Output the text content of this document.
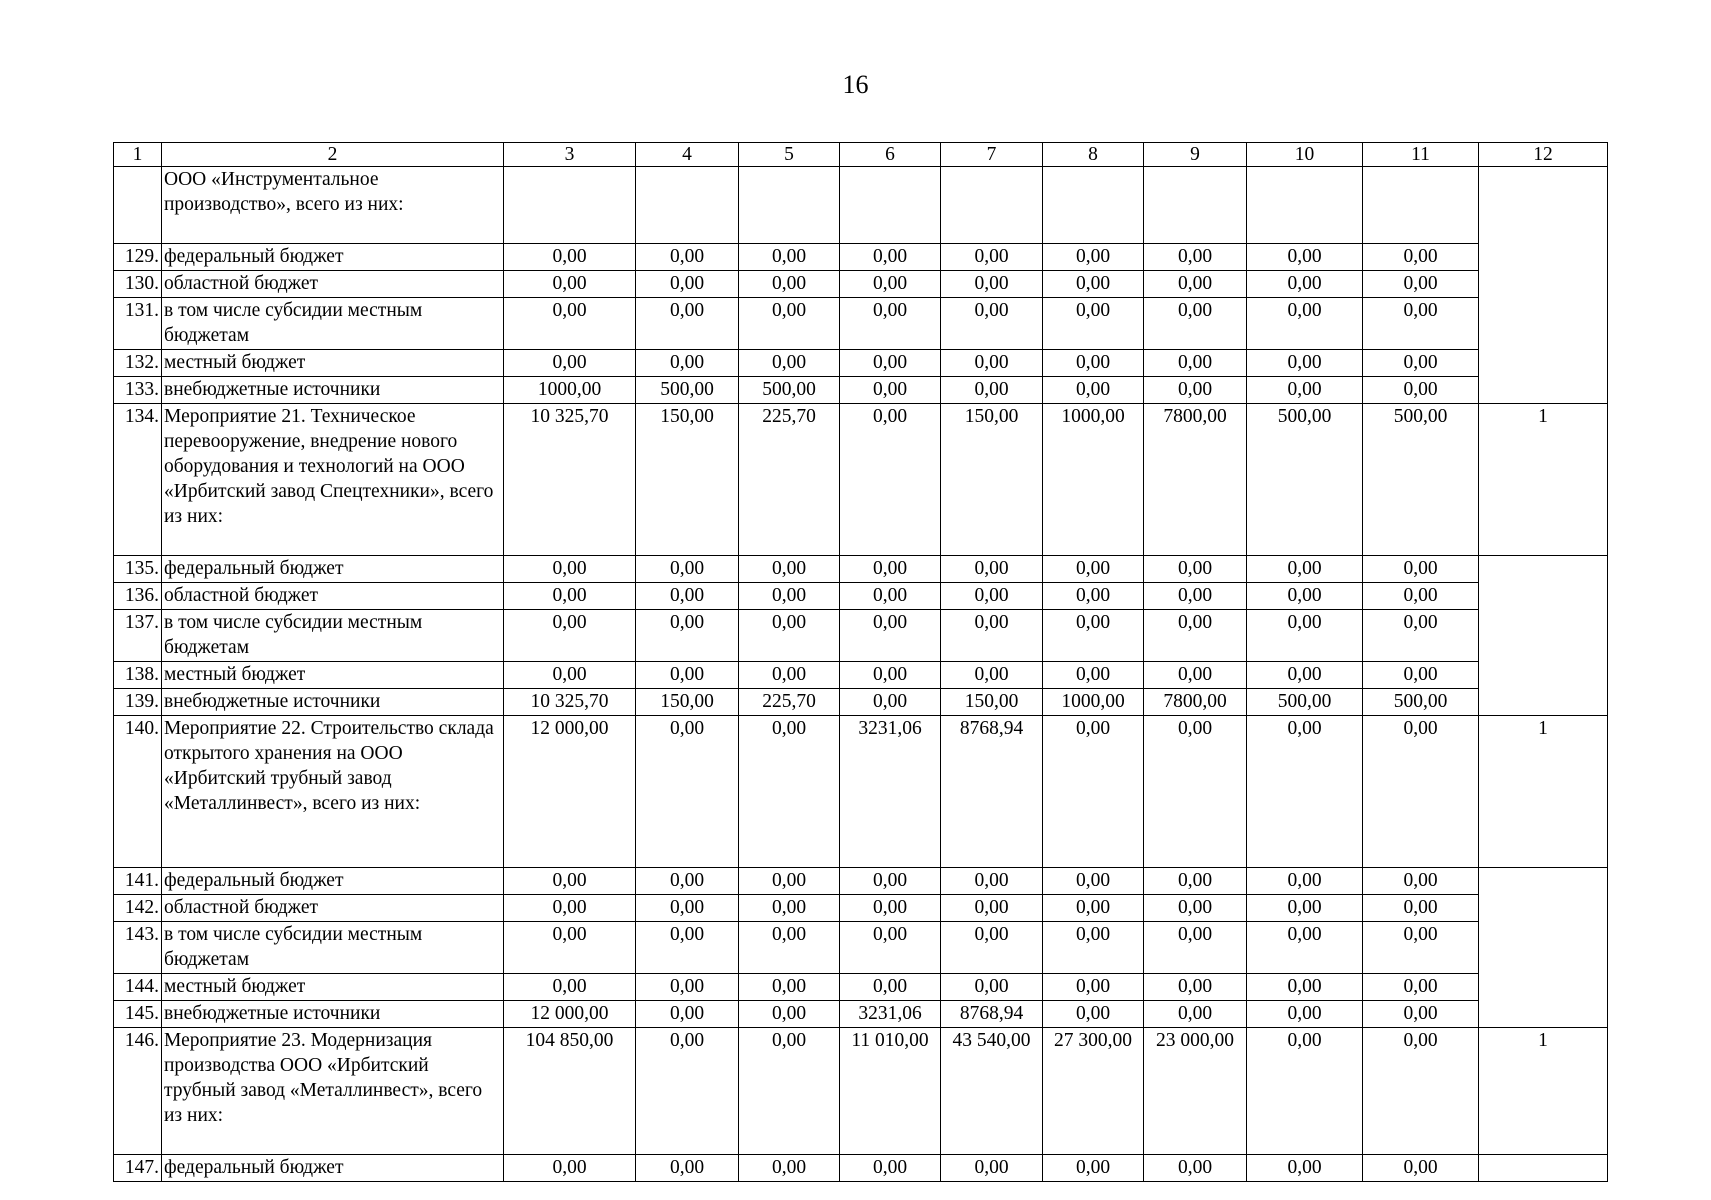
16
1	2	3	4	5	6	7	8	9	10	11	12
	ООО «Инструментальное производство», всего из них:										
129.	федеральный бюджет	0,00	0,00	0,00	0,00	0,00	0,00	0,00	0,00	0,00	
130.	областной бюджет	0,00	0,00	0,00	0,00	0,00	0,00	0,00	0,00	0,00	
131.	в том числе субсидии местным бюджетам	0,00	0,00	0,00	0,00	0,00	0,00	0,00	0,00	0,00	
132.	местный бюджет	0,00	0,00	0,00	0,00	0,00	0,00	0,00	0,00	0,00	
133.	внебюджетные источники	1000,00	500,00	500,00	0,00	0,00	0,00	0,00	0,00	0,00	
134.	Мероприятие 21. Техническое перевооружение, внедрение нового оборудования и технологий на ООО «Ирбитский завод Спецтехники», всего из них:	10 325,70	150,00	225,70	0,00	150,00	1000,00	7800,00	500,00	500,00	1
135.	федеральный бюджет	0,00	0,00	0,00	0,00	0,00	0,00	0,00	0,00	0,00	
136.	областной бюджет	0,00	0,00	0,00	0,00	0,00	0,00	0,00	0,00	0,00	
137.	в том числе субсидии местным бюджетам	0,00	0,00	0,00	0,00	0,00	0,00	0,00	0,00	0,00	
138.	местный бюджет	0,00	0,00	0,00	0,00	0,00	0,00	0,00	0,00	0,00	
139.	внебюджетные источники	10 325,70	150,00	225,70	0,00	150,00	1000,00	7800,00	500,00	500,00	
140.	Мероприятие 22. Строительство склада открытого хранения на ООО «Ирбитский трубный завод «Металлинвест», всего из них:	12 000,00	0,00	0,00	3231,06	8768,94	0,00	0,00	0,00	0,00	1
141.	федеральный бюджет	0,00	0,00	0,00	0,00	0,00	0,00	0,00	0,00	0,00	
142.	областной бюджет	0,00	0,00	0,00	0,00	0,00	0,00	0,00	0,00	0,00	
143.	в том числе субсидии местным бюджетам	0,00	0,00	0,00	0,00	0,00	0,00	0,00	0,00	0,00	
144.	местный бюджет	0,00	0,00	0,00	0,00	0,00	0,00	0,00	0,00	0,00	
145.	внебюджетные источники	12 000,00	0,00	0,00	3231,06	8768,94	0,00	0,00	0,00	0,00	
146.	Мероприятие 23. Модернизация производства ООО «Ирбитский трубный завод «Металлинвест», всего из них:	104 850,00	0,00	0,00	11 010,00	43 540,00	27 300,00	23 000,00	0,00	0,00	1
147.	федеральный бюджет	0,00	0,00	0,00	0,00	0,00	0,00	0,00	0,00	0,00	
